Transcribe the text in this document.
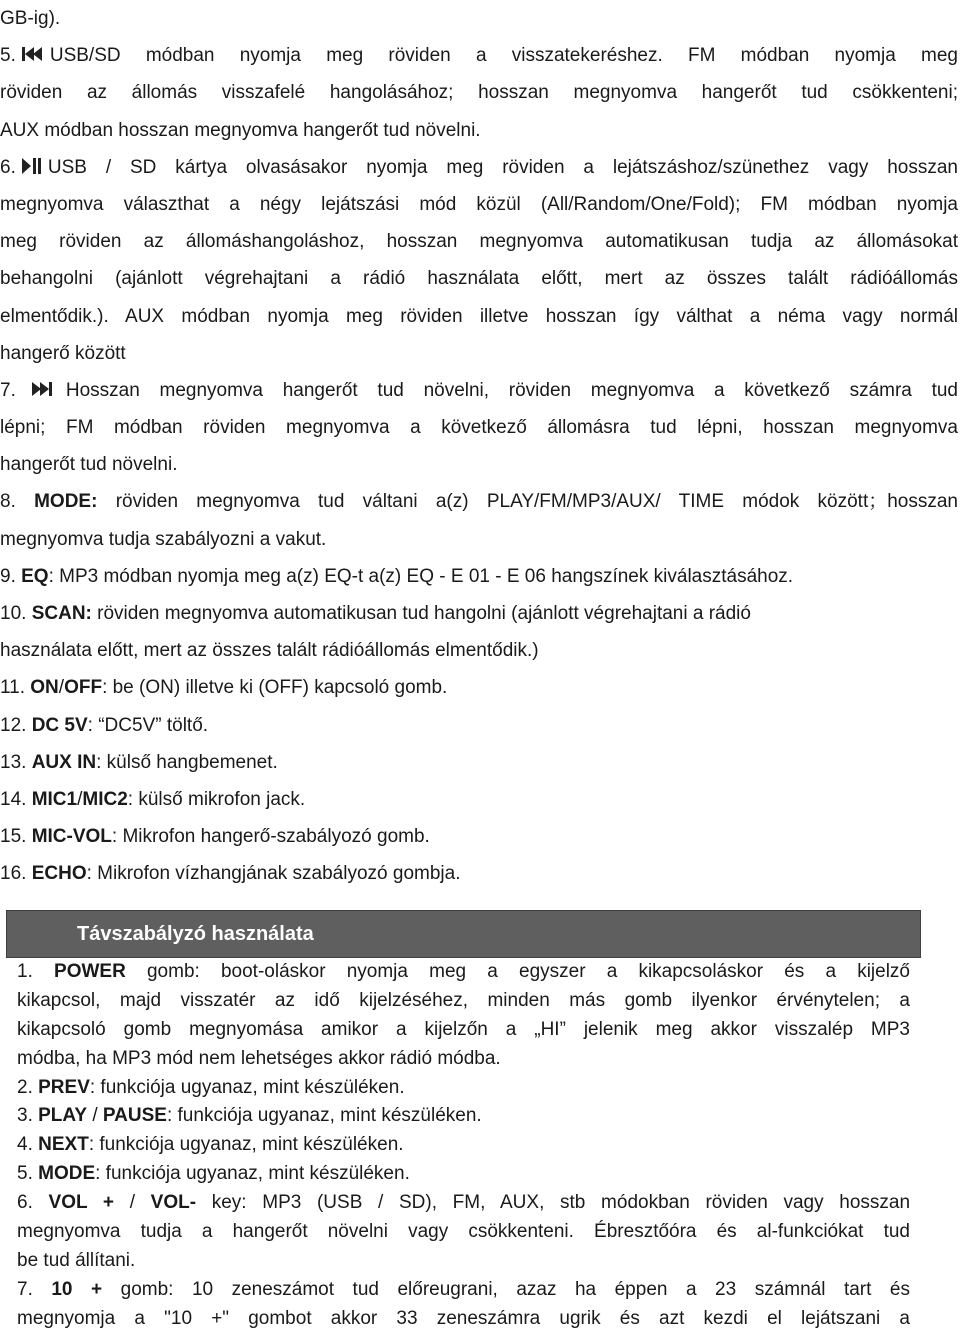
GB-ig).
5. USB/SD módban nyomja meg röviden a visszatekeréshez. FM módban nyomja meg
röviden az állomás visszafelé hangolásához; hosszan megnyomva hangerőt tud csökkenteni;
AUX módban hosszan megnyomva hangerőt tud növelni.
6. USB / SD kártya olvasásakor nyomja meg röviden a lejátszáshoz/szünethez vagy hosszan
megnyomva választhat a négy lejátszási mód közül (All/Random/One/Fold); FM módban nyomja
meg röviden az állomáshangoláshoz, hosszan megnyomva automatikusan tudja az állomásokat
behangolni (ajánlott végrehajtani a rádió használata előtt, mert az összes talált rádióállomás
elmentődik.). AUX módban nyomja meg röviden illetve hosszan így válthat a néma vagy normál
hangerő között
7.	Hosszan megnyomva hangerőt tud növelni, röviden megnyomva a következő számra tud
lépni; FM módban röviden megnyomva a következő állomásra tud lépni, hosszan megnyomva
hangerőt tud növelni.
8. MODE: röviden megnyomva tud váltani a(z) PLAY/FM/MP3/AUX/ TIME módok között；hosszan
megnyomva tudja szabályozni a vakut.
9. EQ: MP3 módban nyomja meg a(z) EQ-t a(z) EQ - E 01 - E 06 hangszínek kiválasztásához.
10. SCAN: röviden megnyomva automatikusan tud hangolni (ajánlott végrehajtani a rádió
használata előtt, mert az összes talált rádióállomás elmentődik.)
11. ON/OFF: be (ON) illetve ki (OFF) kapcsoló gomb.
12. DC 5V: “DC5V” töltő.
13. AUX IN: külső hangbemenet.
14. MIC1/MIC2: külső mikrofon jack.
15. MIC-VOL: Mikrofon hangerő-szabályozó gomb.
16. ECHO: Mikrofon vízhangjának szabályozó gombja.
Távszabályzó használata
1. POWER gomb: boot-oláskor nyomja meg a egyszer a kikapcsoláskor és a kijelző
kikapcsol, majd visszatér az idő kijelzéséhez, minden más gomb ilyenkor érvénytelen; a
kikapcsoló gomb megnyomása amikor a kijelzőn a „HI” jelenik meg akkor visszalép MP3
módba, ha MP3 mód nem lehetséges akkor rádió módba.
2. PREV: funkciója ugyanaz, mint készüléken.
3. PLAY / PAUSE: funkciója ugyanaz, mint készüléken.
4. NEXT: funkciója ugyanaz, mint készüléken.
5. MODE: funkciója ugyanaz, mint készüléken.
6. VOL + / VOL- key: MP3 (USB / SD), FM, AUX, stb módokban röviden vagy hosszan
megnyomva tudja a hangerőt növelni vagy csökkenteni. Ébresztőóra és al-funkciókat tud
be tud állítani.
7. 10 + gomb: 10 zeneszámot tud előreugrani, azaz ha éppen a 23 számnál tart és
megnyomja a "10 +" gombot akkor 33 zeneszámra ugrik és azt kezdi el lejátszani a
